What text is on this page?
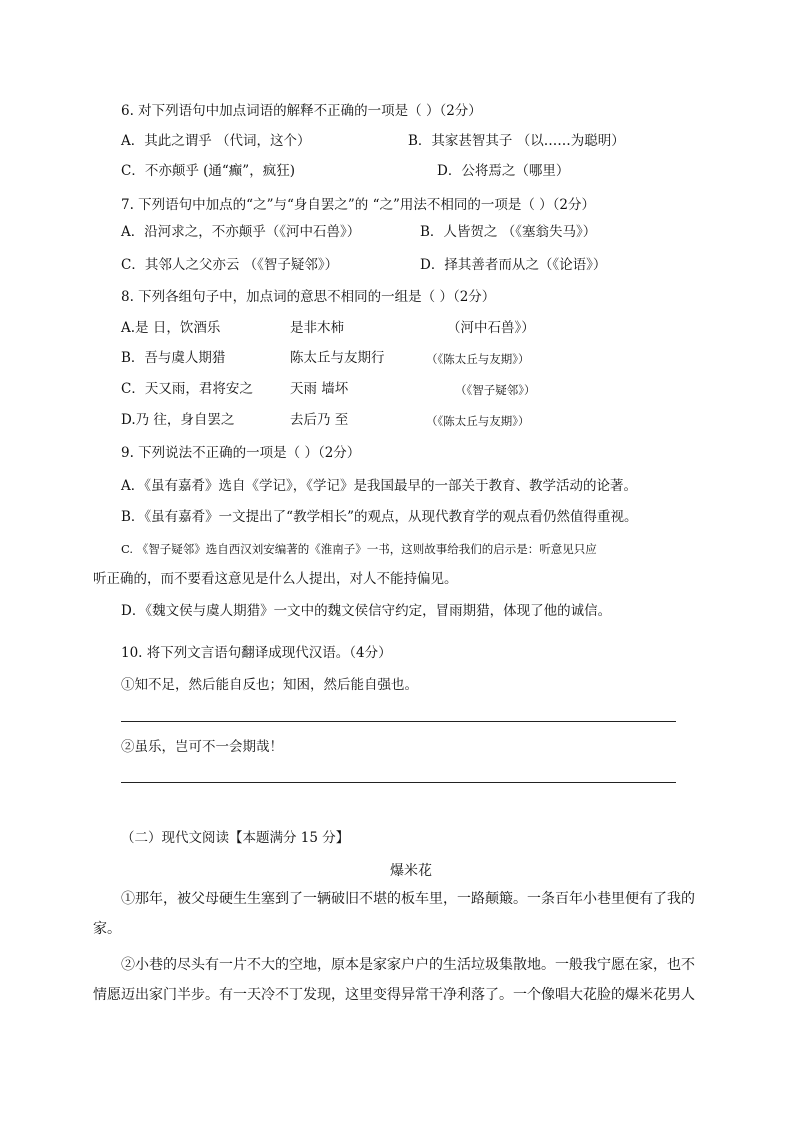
6. 对下列语句中加点词语的解释不正确的一项是（ ）（2分）
A．其此之谓乎 （代词，这个）	B．其家甚智其子 （以……为聪明）
C．不亦颠乎 (通“癫”，疯狂)	D．公将焉之（哪里）
7. 下列语句中加点的“之”与“身自罢之”的 “之”用法不相同的一项是（ ）（2分）
A．沿河求之，不亦颠乎（《河中石兽》）	B．人皆贺之 （《塞翁失马》）
C．其邻人之父亦云 （《智子疑邻》）	D．择其善者而从之（《论语》）
8. 下列各组句子中，加点词的意思不相同的一组是（ ）（2分）
A.是 日，饮酒乐	是非木柿	（河中石兽》）
B．吾与虞人期猎	陈太丘与友期行	（《陈太丘与友期》）
C．天又雨，君将安之	天雨 墙坏	（《智子疑邻》）
D.乃 往，身自罢之	去后乃 至	（《陈太丘与友期》）
9. 下列说法不正确的一项是（ ）（2分）
A．《虽有嘉肴》选自《学记》，《学记》是我国最早的一部关于教育、教学活动的论著。
B．《虽有嘉肴》一文提出了“教学相长”的观点，从现代教育学的观点看仍然值得重视。
C. 《智子疑邻》选自西汉刘安编著的《淮南子》一书，这则故事给我们的启示是：听意见只应
听正确的，而不要看这意见是什么人提出，对人不能持偏见。
D．《魏文侯与虞人期猎》一文中的魏文侯信守约定，冒雨期猎，体现了他的诚信。
10. 将下列文言语句翻译成现代汉语。（4分）
①知不足，然后能自反也；知困，然后能自强也。
②虽乐，岂可不一会期哉！
（二）现代文阅读【本题满分 15 分】
爆米花
①那年，被父母硬生生塞到了一辆破旧不堪的板车里，一路颠簸。一条百年小巷里便有了我的家。
②小巷的尽头有一片不大的空地，原本是家家户户的生活垃圾集散地。一般我宁愿在家，也不情愿迈出家门半步。有一天冷不丁发现，这里变得异常干净利落了。一个像唱大花脸的爆米花男人
